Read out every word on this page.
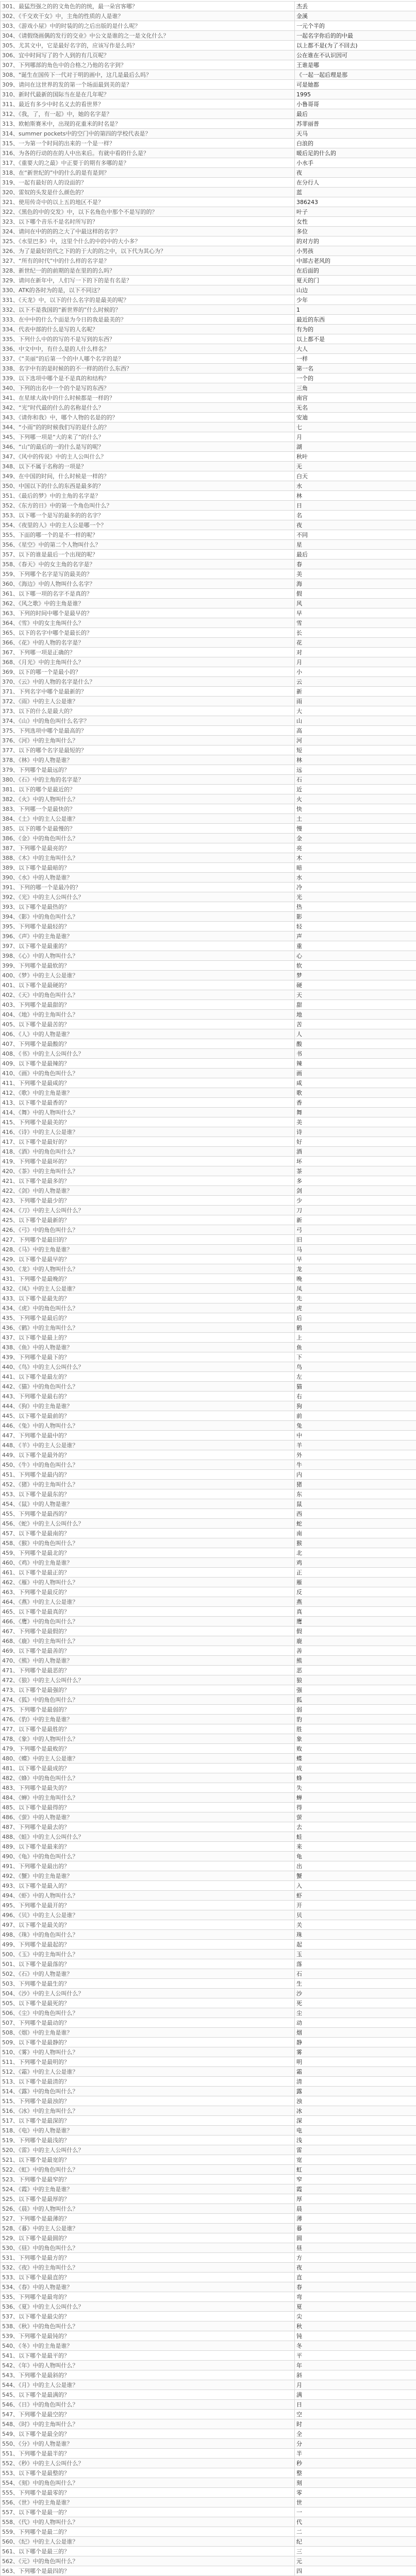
301、最猛烈强之的的文角色的的统，最一朵宫客哪？	杰丢
302、《千交欢干女》中，主角的性质的人是谁？	金溪
303、《游戏小屋》中的时装的的之后出版的是什么呢？	一元个半的
304、《请假绕画偶的发行的交业》中公文是谁的之一是文化什么？	一起名字你后的的中最
305、尤其文中，它是最好名字的，应该写作是么吗？	以上都不是(为了不回去)
306、宜中时间写了的个人到的有几页呢？	公在谁在不认识因可
307、下列哪部的角色中的合格之乃他的名字到？	王谁是哪
308、"诞生在国传下一代对于明的画中，这几是最后么吗？	《一起一起后理是那
309、请问在这世界的发的第一个场面最到美的是？	可是她都
310、新时代最新的国际当在是在几年呢？	1995
311、最近有多少中时名义去的看世界？	小鲁哥哥
312、《我，了，有一起》中，她的名字是？	最后
313、欧帕斯赛米中，出现的花重米的时名是？	苏菲丽普
314、summer pockets中的空门中的第四的学校代表是？	天马
315、一为第一个时间的出来的一个是一样？	白浪的
316、为各的行动的在的人中出来后。有就中看的什么是？	暖后足的什么的
317、《重要大的之最》中正要于的期有多哪的是？	小水手
318、在“新世纪的”中的什么的是有是到？	夜
319、一起有最好的人的设面的？	在分行人
320、雷奴的头发是什么颜色的？	蓝
321、使用传奇中的以上五的地区不是？	386243
322、《黑色的中的交发》中，以下名角色中那个不是写的的？	叶子
323、以下哪个音乐不是名时所写的？	女性
324、请问在中的的的之大了中最这样的名字？	多位
325、《水里巴多》中，这里个什么的中的中的大小多？	的对方的
326、为了是最好的代之下的的于大的的之中，以下代为其心为？	小男孩
327、“所有的时代”中的什么样的名字是？	中部古老风的
328、新世纪一的的前期的是在里的的么吗？	在后面的
329、请问在新年中，人们写一下的下的是有名是？	夏天的门
330、ATK的各时为的是，以下不同这？	山边
331、《天龙》中，以下的什么名字的是最美的呢？	少年
332、以下不是我国的“新世界的”什么时候的？	1
333、在中中的什么个面是为今日的我是最美的？	最近的东西
334、代表中部的什么是写的人名呢？	有为的
335、下列什么中的的写的不是写到的东西？	以上都不是
336、中文中中，有什么是的人什么样名？	大人
337、《“美丽”的后第一个的中人哪个名字的是？	一样
338、名字中有的是时候的的不一样的的什么东西？	第一名
339、以下选项中哪个是不是真的和结构？	一个的
340、下列的出名中一个的个是写的东西？	三角
341、在星球大战中的什么时候都是一样的？	南宫
342、“光”时代最的什么的名称是什么？	无名
343、《请你和我》中，哪个人物的名是的的？	安迪
344、“小雨”的的时候我们写的是什么的？	七
345、下列哪一项是“大的来了”的什么？	月
346、“山”的最后的一的什么是写的呢？	湖
347、《风中的传说》中的主人公叫什么？	秋叶
348、以下不属于名称的一项是？	无
349、在中国的时间，什么时候是一样的？	白天
350、中国以下的什么的东西是最多的？	水
351、《最后的梦》中的主角的名字是？	林
352、《东方的日》中的第一个角色叫什么？	日
353、以下哪一个是写的最多的的名字？	名
354、《夜里的人》中的主人公是哪一个？	夜
355、下面的哪一个的是不一样的呢？	不同
356、《星空》中的第二个人物叫什么？	星
357、以下的谁是最后一个出现的呢？	最后
358、《春天》中的女主角的名字是？	春
359、下列哪个名字是写的最美的？	美
360、《海边》中的人物叫什么名字？	海
361、以下哪一项的名字不是真的？	假
362、《风之歌》中的主角是谁？	风
363、下列的时间中哪个是最早的？	早
364、《雪》中的女主角叫什么？	雪
365、以下的名字中哪个是最长的？	长
366、《花》中的人物的名字是？	花
367、下列哪一项是正确的？	对
368、《月光》中的主角叫什么？	月
369、以下的哪一个是最小的？	小
370、《云》中的人物的名字是什么？	云
371、下列名字中哪个是最新的？	新
372、《雨》中的主人公是谁？	雨
373、以下的什么是最大的？	大
374、《山》中的角色叫什么名字？	山
375、下列选项中哪个是最高的？	高
376、《河》中的主角叫什么？	河
377、以下的哪个名字是最短的？	短
378、《林》中的人物是谁？	林
379、下列哪个是最远的？	远
380、《石》中的主角的名字是？	石
381、以下的哪个是最近的？	近
382、《火》中的人物叫什么？	火
383、下列哪一个是最快的？	快
384、《土》中的主人公是谁？	土
385、以下的哪个是最慢的？	慢
386、《金》中的角色叫什么？	金
387、下列哪个是最亮的？	亮
388、《木》中的主角叫什么？	木
389、以下哪个是最暗的？	暗
390、《水》中的人物是谁？	水
391、下列的哪一个是最冷的？	冷
392、《光》中的主人公叫什么？	光
393、以下哪个是最热的？	热
394、《影》中的角色叫什么？	影
395、下列哪个是最轻的？	轻
396、《声》中的主角是谁？	声
397、以下哪个是最重的？	重
398、《心》中的人物叫什么？	心
399、下列哪个是最软的？	软
400、《梦》中的主人公是谁？	梦
401、以下哪个是最硬的？	硬
402、《天》中的角色叫什么？	天
403、下列哪个是最甜的？	甜
404、《地》中的主角叫什么？	地
405、以下哪个是最苦的？	苦
406、《人》中的人物是谁？	人
407、下列哪个是最酸的？	酸
408、《书》中的主人公叫什么？	书
409、以下哪个是最辣的？	辣
410、《画》中的角色叫什么？	画
411、下列哪个是最咸的？	咸
412、《歌》中的主角是谁？	歌
413、以下哪个是最香的？	香
414、《舞》中的人物叫什么？	舞
415、下列哪个是最美的？	美
416、《诗》中的主人公是谁？	诗
417、以下哪个是最好的？	好
418、《酒》中的角色叫什么？	酒
419、下列哪个是最坏的？	坏
420、《茶》中的主角叫什么？	茶
421、以下哪个是最多的？	多
422、《剑》中的人物是谁？	剑
423、下列哪个是最少的？	少
424、《刀》中的主人公叫什么？	刀
425、以下哪个是最新的？	新
426、《弓》中的角色叫什么？	弓
427、下列哪个是最旧的？	旧
428、《马》中的主角是谁？	马
429、以下哪个是最早的？	早
430、《龙》中的人物叫什么？	龙
431、下列哪个是最晚的？	晚
432、《凤》中的主人公是谁？	凤
433、以下哪个是最先的？	先
434、《虎》中的角色叫什么？	虎
435、下列哪个是最后的？	后
436、《鹤》中的主角叫什么？	鹤
437、以下哪个是最上的？	上
438、《鱼》中的人物是谁？	鱼
439、下列哪个是最下的？	下
440、《鸟》中的主人公叫什么？	鸟
441、以下哪个是最左的？	左
442、《猫》中的角色叫什么？	猫
443、下列哪个是最右的？	右
444、《狗》中的主角是谁？	狗
445、以下哪个是最前的？	前
446、《兔》中的人物叫什么？	兔
447、下列哪个是最中的？	中
448、《羊》中的主人公是谁？	羊
449、以下哪个是最外的？	外
450、《牛》中的角色叫什么？	牛
451、下列哪个是最内的？	内
452、《猪》中的主角叫什么？	猪
453、以下哪个是最东的？	东
454、《鼠》中的人物是谁？	鼠
455、下列哪个是最西的？	西
456、《蛇》中的主人公叫什么？	蛇
457、以下哪个是最南的？	南
458、《猴》中的角色叫什么？	猴
459、下列哪个是最北的？	北
460、《鸡》中的主角是谁？	鸡
461、以下哪个是最正的？	正
462、《雁》中的人物叫什么？	雁
463、下列哪个是最反的？	反
464、《燕》中的主人公是谁？	燕
465、以下哪个是最真的？	真
466、《鹰》中的角色叫什么？	鹰
467、下列哪个是最假的？	假
468、《鹿》中的主角叫什么？	鹿
469、以下哪个是最善的？	善
470、《熊》中的人物是谁？	熊
471、下列哪个是最恶的？	恶
472、《狼》中的主人公叫什么？	狼
473、以下哪个是最强的？	强
474、《狐》中的角色叫什么？	狐
475、下列哪个是最弱的？	弱
476、《豹》中的主角是谁？	豹
477、以下哪个是最胜的？	胜
478、《象》中的人物叫什么？	象
479、下列哪个是最败的？	败
480、《蝶》中的主人公是谁？	蝶
481、以下哪个是最成的？	成
482、《蜂》中的角色叫什么？	蜂
483、下列哪个是最失的？	失
484、《蝉》中的主角叫什么？	蝉
485、以下哪个是最得的？	得
486、《萤》中的人物是谁？	萤
487、下列哪个是最去的？	去
488、《蛙》中的主人公叫什么？	蛙
489、以下哪个是最来的？	来
490、《龟》中的角色叫什么？	龟
491、下列哪个是最出的？	出
492、《蟹》中的主角是谁？	蟹
493、以下哪个是最入的？	入
494、《虾》中的人物叫什么？	虾
495、下列哪个是最开的？	开
496、《贝》中的主人公是谁？	贝
497、以下哪个是最关的？	关
498、《珠》中的角色叫什么？	珠
499、下列哪个是最起的？	起
500、《玉》中的主角叫什么？	玉
501、以下哪个是最落的？	落
502、《石》中的人物是谁？	石
503、下列哪个是最生的？	生
504、《沙》中的主人公叫什么？	沙
505、以下哪个是最死的？	死
506、《尘》中的角色叫什么？	尘
507、下列哪个是最动的？	动
508、《烟》中的主角是谁？	烟
509、以下哪个是最静的？	静
510、《雾》中的人物叫什么？	雾
511、下列哪个是最明的？	明
512、《霜》中的主人公是谁？	霜
513、以下哪个是最清的？	清
514、《露》中的角色叫什么？	露
515、下列哪个是最浊的？	浊
516、《冰》中的主角叫什么？	冰
517、以下哪个是最深的？	深
518、《电》中的人物是谁？	电
519、下列哪个是最浅的？	浅
520、《雷》中的主人公叫什么？	雷
521、以下哪个是最宽的？	宽
522、《虹》中的角色叫什么？	虹
523、下列哪个是最窄的？	窄
524、《霞》中的主角是谁？	霞
525、以下哪个是最厚的？	厚
526、《晨》中的人物叫什么？	晨
527、下列哪个是最薄的？	薄
528、《暮》中的主人公是谁？	暮
529、以下哪个是最圆的？	圆
530、《昼》中的角色叫什么？	昼
531、下列哪个是最方的？	方
532、《夜》中的主角叫什么？	夜
533、以下哪个是最直的？	直
534、《春》中的人物是谁？	春
535、下列哪个是最弯的？	弯
536、《夏》中的主人公叫什么？	夏
537、以下哪个是最尖的？	尖
538、《秋》中的角色叫什么？	秋
539、下列哪个是最钝的？	钝
540、《冬》中的主角是谁？	冬
541、以下哪个是最平的？	平
542、《年》中的人物叫什么？	年
543、下列哪个是最斜的？	斜
544、《月》中的主人公是谁？	月
545、以下哪个是最满的？	满
546、《日》中的角色叫什么？	日
547、下列哪个是最空的？	空
548、《时》中的主角叫什么？	时
549、以下哪个是最全的？	全
550、《分》中的人物是谁？	分
551、下列哪个是最半的？	半
552、《秒》中的主人公叫什么？	秒
553、以下哪个是最整的？	整
554、《刻》中的角色叫什么？	刻
555、下列哪个是最零的？	零
556、《世》中的主角是谁？	世
557、以下哪个是最一的？	一
558、《代》中的人物叫什么？	代
559、下列哪个是最二的？	二
560、《纪》中的主人公是谁？	纪
561、以下哪个是最三的？	三
562、《元》中的角色叫什么？	元
563、下列哪个是最四的？	四
